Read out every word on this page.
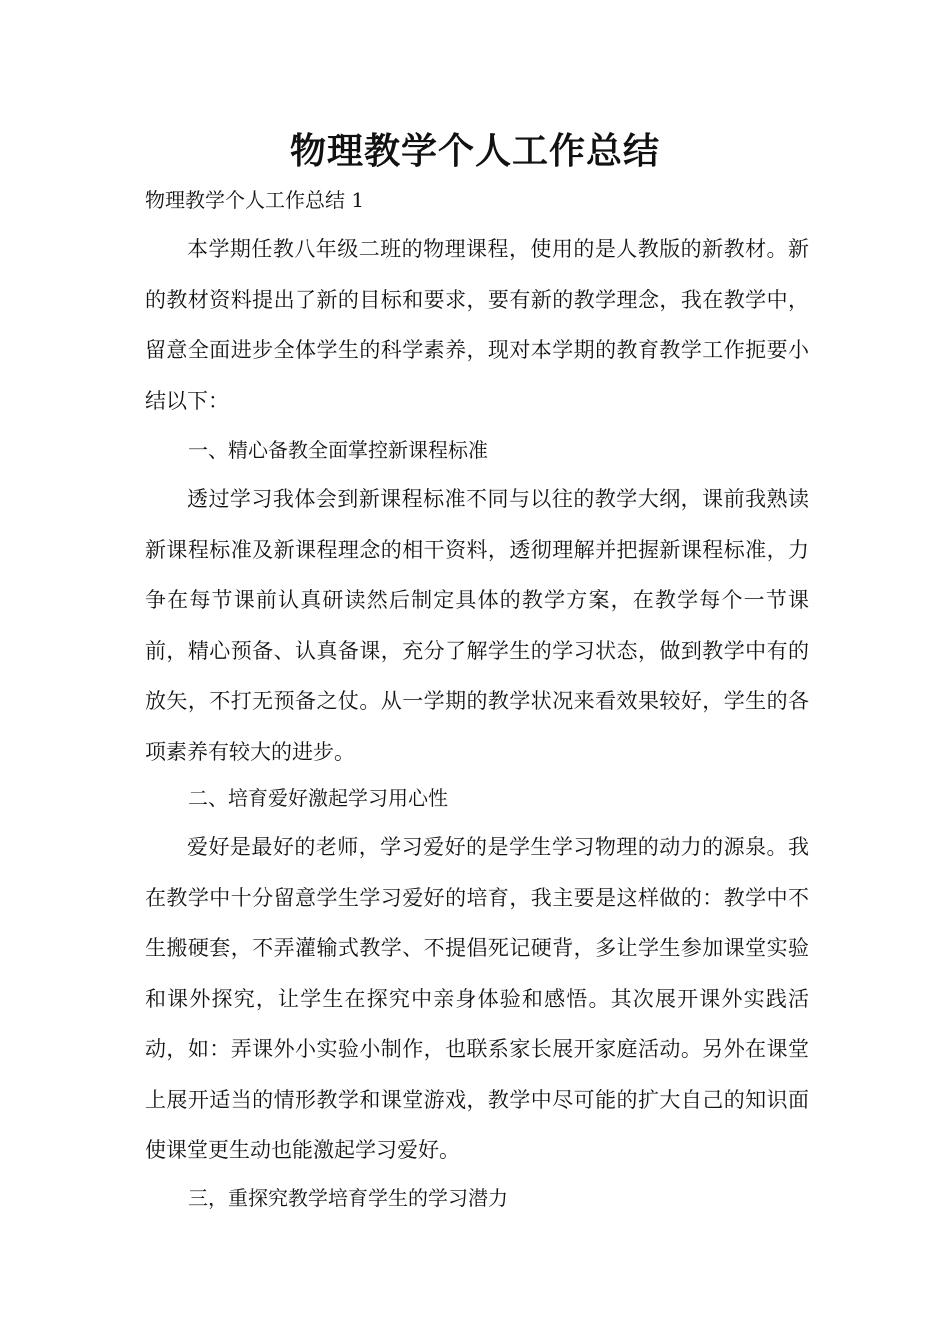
物理教学个人工作总结
物理教学个人工作总结 1

本学期任教八年级二班的物理课程，使用的是人教版的新教材。新的教材资料提出了新的目标和要求，要有新的教学理念，我在教学中，留意全面进步全体学生的科学素养，现对本学期的教育教学工作扼要小结以下：

一、精心备教全面掌控新课程标准

透过学习我体会到新课程标准不同与以往的教学大纲，课前我熟读新课程标准及新课程理念的相干资料，透彻理解并把握新课程标准，力争在每节课前认真研读然后制定具体的教学方案，在教学每个一节课前，精心预备、认真备课，充分了解学生的学习状态，做到教学中有的放矢，不打无预备之仗。从一学期的教学状况来看效果较好，学生的各项素养有较大的进步。

二、培育爱好激起学习用心性

爱好是最好的老师，学习爱好的是学生学习物理的动力的源泉。我在教学中十分留意学生学习爱好的培育，我主要是这样做的：教学中不生搬硬套，不弄灌输式教学、不提倡死记硬背，多让学生参加课堂实验和课外探究，让学生在探究中亲身体验和感悟。其次展开课外实践活动，如：弄课外小实验小制作，也联系家长展开家庭活动。另外在课堂上展开适当的情形教学和课堂游戏，教学中尽可能的扩大自己的知识面使课堂更生动也能激起学习爱好。

三，重探究教学培育学生的学习潜力
